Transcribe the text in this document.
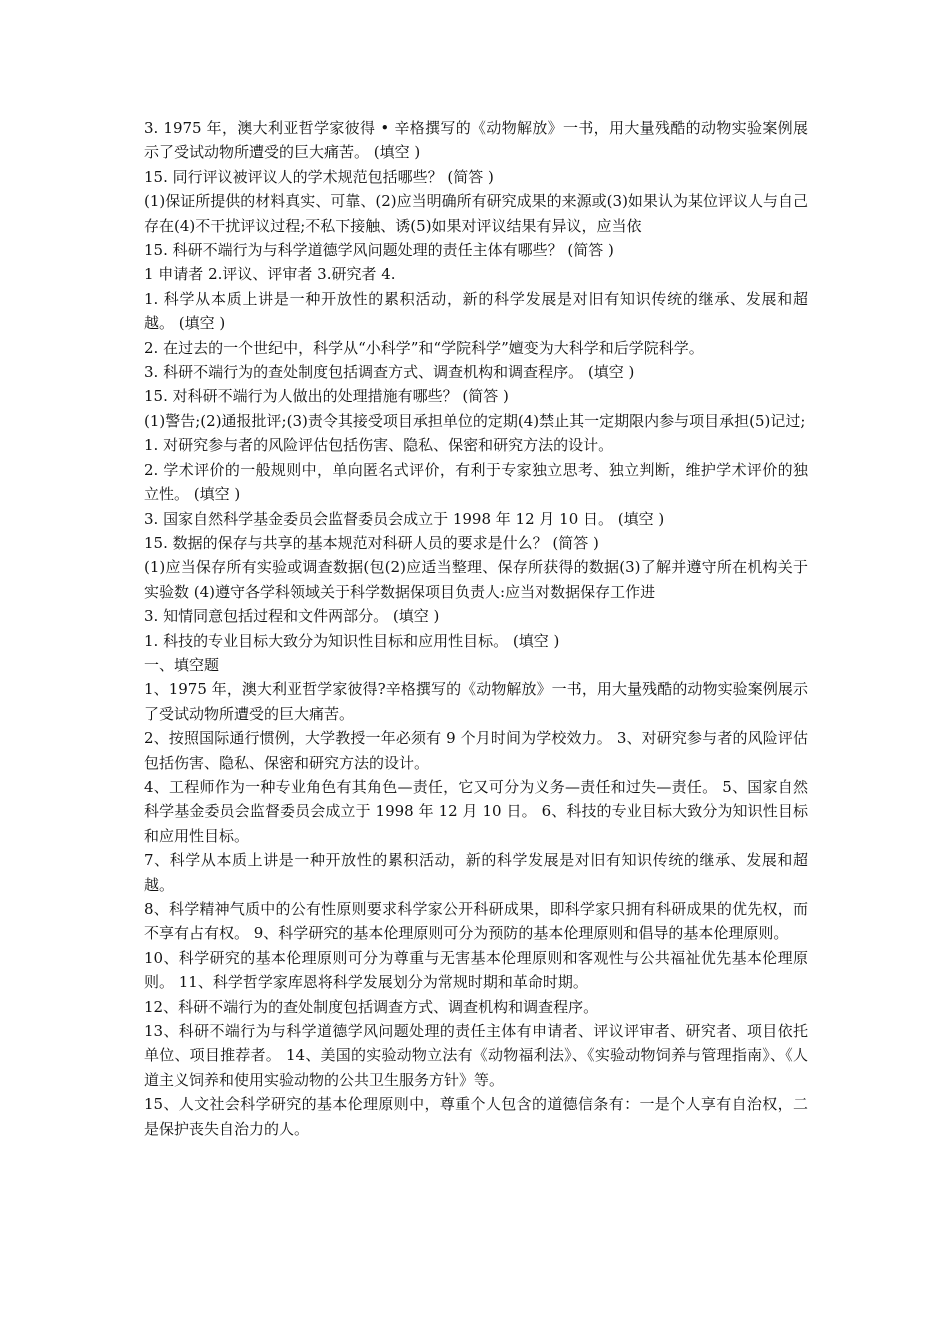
3. 1975 年，澳大利亚哲学家彼得 • 辛格撰写的《动物解放》一书，用大量残酷的动物实验案例展示了受试动物所遭受的巨大痛苦。 (填空 )

15. 同行评议被评议人的学术规范包括哪些？ (简答 )

(1)保证所提供的材料真实、可靠、(2)应当明确所有研究成果的来源或(3)如果认为某位评议人与自己存在(4)不干扰评议过程;不私下接触、诱(5)如果对评议结果有异议，应当依

15. 科研不端行为与科学道德学风问题处理的责任主体有哪些？ (简答 )

1 申请者 2.评议、评审者 3.研究者 4.

1. 科学从本质上讲是一种开放性的累积活动，新的科学发展是对旧有知识传统的继承、发展和超越。 (填空 )

2. 在过去的一个世纪中，科学从“小科学”和“学院科学”嬗变为大科学和后学院科学。

3. 科研不端行为的查处制度包括调查方式、调查机构和调查程序。 (填空 )

15. 对科研不端行为人做出的处理措施有哪些？ (简答 )

(1)警告;(2)通报批评;(3)责令其接受项目承担单位的定期(4)禁止其一定期限内参与项目承担(5)记过;

1. 对研究参与者的风险评估包括伤害、隐私、保密和研究方法的设计。

2. 学术评价的一般规则中，单向匿名式评价，有利于专家独立思考、独立判断，维护学术评价的独立性。 (填空 )

3. 国家自然科学基金委员会监督委员会成立于 1998 年 12 月 10 日。 (填空 )

15. 数据的保存与共享的基本规范对科研人员的要求是什么？ (简答 )

(1)应当保存所有实验或调查数据(包(2)应适当整理、保存所获得的数据(3)了解并遵守所在机构关于实验数 (4)遵守各学科领域关于科学数据保项目负责人:应当对数据保存工作进

3. 知情同意包括过程和文件两部分。 (填空 )

1. 科技的专业目标大致分为知识性目标和应用性目标。 (填空 )

一、填空题

1、1975 年，澳大利亚哲学家彼得?辛格撰写的《动物解放》一书，用大量残酷的动物实验案例展示了受试动物所遭受的巨大痛苦。

2、按照国际通行惯例，大学教授一年必须有 9 个月时间为学校效力。 3、对研究参与者的风险评估包括伤害、隐私、保密和研究方法的设计。

4、工程师作为一种专业角色有其角色—责任，它又可分为义务—责任和过失—责任。 5、国家自然科学基金委员会监督委员会成立于 1998 年 12 月 10 日。 6、科技的专业目标大致分为知识性目标和应用性目标。

7、科学从本质上讲是一种开放性的累积活动，新的科学发展是对旧有知识传统的继承、发展和超越。

8、科学精神气质中的公有性原则要求科学家公开科研成果，即科学家只拥有科研成果的优先权，而不享有占有权。 9、科学研究的基本伦理原则可分为预防的基本伦理原则和倡导的基本伦理原则。

10、科学研究的基本伦理原则可分为尊重与无害基本伦理原则和客观性与公共福祉优先基本伦理原则。 11、科学哲学家库恩将科学发展划分为常规时期和革命时期。

12、科研不端行为的查处制度包括调查方式、调查机构和调查程序。

13、科研不端行为与科学道德学风问题处理的责任主体有申请者、评议评审者、研究者、项目依托单位、项目推荐者。 14、美国的实验动物立法有《动物福利法》、《实验动物饲养与管理指南》、《人道主义饲养和使用实验动物的公共卫生服务方针》等。

15、人文社会科学研究的基本伦理原则中，尊重个人包含的道德信条有：一是个人享有自治权，二是保护丧失自治力的人。
